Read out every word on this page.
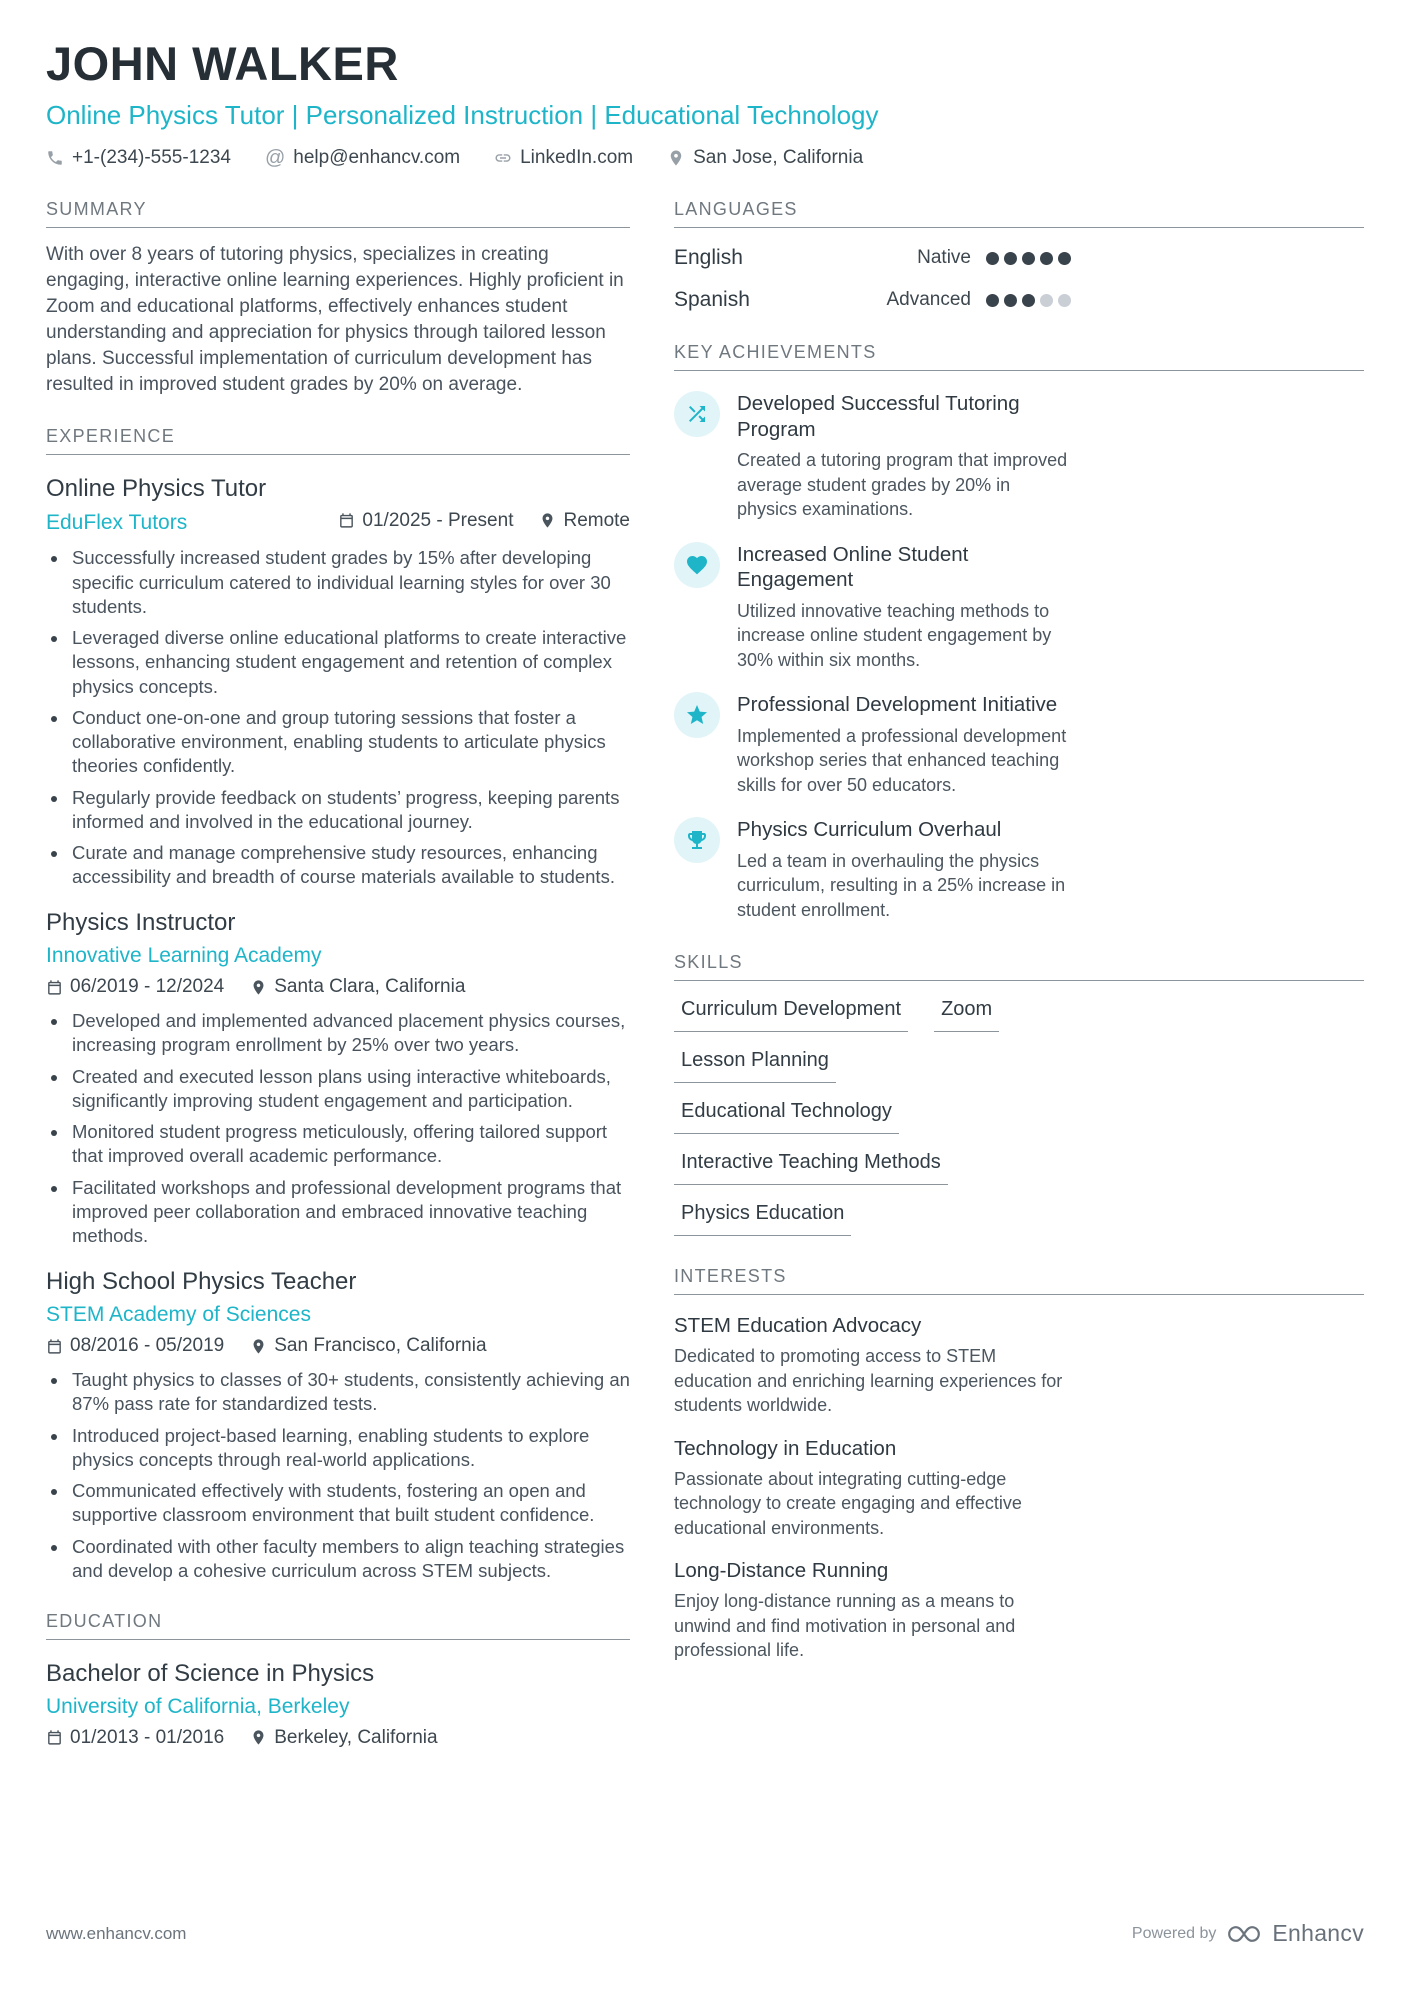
JOHN WALKER
Online Physics Tutor | Personalized Instruction | Educational Technology
+1-(234)-555-1234 @ help@enhancv.com	LinkedIn.com	San Jose, California
SUMMARY

With over 8 years of tutoring physics, specializes in creating engaging, interactive online learning experiences. Highly proficient in Zoom and educational platforms, effectively enhances student understanding and appreciation for physics through tailored lesson plans. Successful implementation of curriculum development has resulted in improved student grades by 20% on average.

EXPERIENCE
Online Physics Tutor
EduFlex Tutors	01/2025 - Present	Remote
• Successfully increased student grades by 15% after developing specific curriculum catered to individual learning styles for over 30 students.
• Leveraged diverse online educational platforms to create interactive lessons, enhancing student engagement and retention of complex physics concepts.
• Conduct one-on-one and group tutoring sessions that foster a collaborative environment, enabling students to articulate physics theories confidently.
• Regularly provide feedback on students’ progress, keeping parents informed and involved in the educational journey.
• Curate and manage comprehensive study resources, enhancing accessibility and breadth of course materials available to students.
Physics Instructor
Innovative Learning Academy
06/2019 - 12/2024	Santa Clara, California
• Developed and implemented advanced placement physics courses, increasing program enrollment by 25% over two years.
• Created and executed lesson plans using interactive whiteboards, significantly improving student engagement and participation.
• Monitored student progress meticulously, offering tailored support that improved overall academic performance.
• Facilitated workshops and professional development programs that improved peer collaboration and embraced innovative teaching methods.
High School Physics Teacher
STEM Academy of Sciences
08/2016 - 05/2019	San Francisco, California
• Taught physics to classes of 30+ students, consistently achieving an 87% pass rate for standardized tests.
• Introduced project-based learning, enabling students to explore physics concepts through real-world applications.
• Communicated effectively with students, fostering an open and supportive classroom environment that built student confidence.
• Coordinated with other faculty members to align teaching strategies and develop a cohesive curriculum across STEM subjects.
EDUCATION
Bachelor of Science in Physics
University of California, Berkeley
01/2013 - 01/2016	Berkeley, California
LANGUAGES
English	Native
Spanish	Advanced
KEY ACHIEVEMENTS
Developed Successful Tutoring Program
Created a tutoring program that improved average student grades by 20% in physics examinations.
Increased Online Student Engagement
Utilized innovative teaching methods to increase online student engagement by 30% within six months.
Professional Development Initiative
Implemented a professional development workshop series that enhanced teaching skills for over 50 educators.
Physics Curriculum Overhaul
Led a team in overhauling the physics curriculum, resulting in a 25% increase in student enrollment.
SKILLS
Curriculum Development	Zoom
Lesson Planning
Educational Technology
Interactive Teaching Methods
Physics Education
INTERESTS
STEM Education Advocacy
Dedicated to promoting access to STEM education and enriching learning experiences for students worldwide.
Technology in Education
Passionate about integrating cutting-edge technology to create engaging and effective educational environments.
Long-Distance Running
Enjoy long-distance running as a means to unwind and find motivation in personal and professional life.
www.enhancv.com	Powered by Enhancv
